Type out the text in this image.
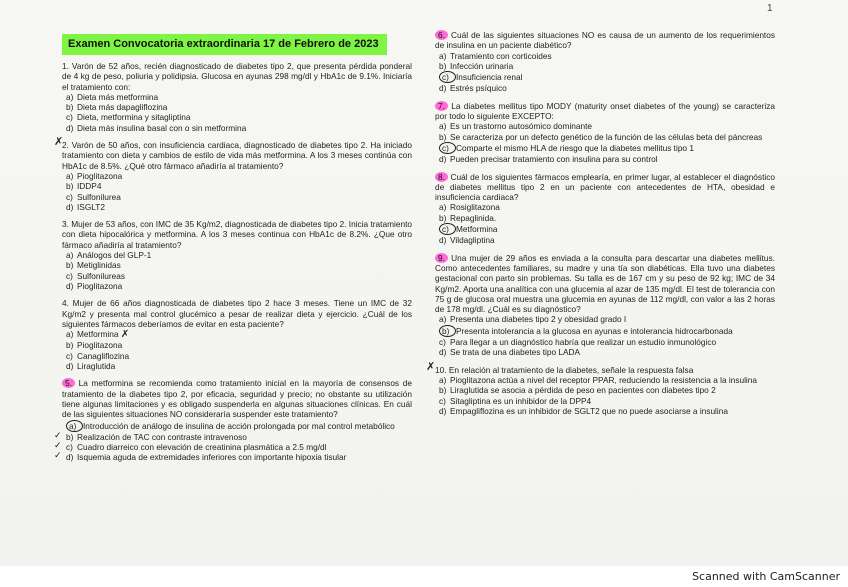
1
Examen Convocatoria extraordinaria 17 de Febrero de 2023
1. Varón de 52 años, recién diagnosticado de diabetes tipo 2, que presenta pérdida ponderal de 4 kg de peso, poliuria y polidipsia. Glucosa en ayunas 298 mg/dl y HbA1c de 9.1%. Iniciaría el tratamiento con:
a) Dieta más metformina
b) Dieta más dapagliflozina
c) Dieta, metformina y sitagliptina
d) Dieta más insulina basal con o sin metformina
✗
2. Varón de 50 años, con insuficiencia cardiaca, diagnosticado de diabetes tipo 2. Ha iniciado tratamiento con dieta y cambios de estilo de vida más metformina. A los 3 meses continúa con HbA1c de 8.5%. ¿Qué otro fármaco añadiría al tratamiento?
a) Pioglitazona
b) IDDP4
c) Sulfonilurea
d) ISGLT2
3. Mujer de 53 años, con IMC de 35 Kg/m2, diagnosticada de diabetes tipo 2. Inicia tratamiento con dieta hipocalórica y metformina. A los 3 meses continua con HbA1c de 8.2%. ¿Que otro fármaco añadiría al tratamiento?
a) Análogos del GLP-1
b) Metiglinidas
c) Sulfonilureas
d) Pioglitazona
4. Mujer de 66 años diagnosticada de diabetes tipo 2 hace 3 meses. Tiene un IMC de 32 Kg/m2 y presenta mal control glucémico a pesar de realizar dieta y ejercicio. ¿Cuál de los siguientes fármacos deberíamos de evitar en esta paciente?
a) Metformina ✗
b) Pioglitazona
c) Canagliflozina
d) Liraglutida
5. La metformina se recomienda como tratamiento inicial en la mayoría de consensos de tratamiento de la diabetes tipo 2, por eficacia, seguridad y precio; no obstante su utilización tiene algunas limitaciones y es obligado suspenderla en algunas situaciones clínicas. En cuál de las siguientes situaciones NO consideraría suspender este tratamiento?
a) Introducción de análogo de insulina de acción prolongada por mal control metabólico
✓ b) Realización de TAC con contraste intravenoso
✓ c) Cuadro diarreico con elevación de creatinina plasmática a 2.5 mg/dl
✓ d) Isquemia aguda de extremidades inferiores con importante hipoxia tisular
6. Cuál de las siguientes situaciones NO es causa de un aumento de los requerimientos de insulina en un paciente diabético?
a) Tratamiento con corticoides
b) Infección urinaria
c) Insuficiencia renal
d) Estrés psíquico
7. La diabetes mellitus tipo MODY (maturity onset diabetes of the young) se caracteriza por todo lo siguiente EXCEPTO:
a) Es un trastorno autosómico dominante
b) Se caracteriza por un defecto genético de la función de las células beta del páncreas
c) Comparte el mismo HLA de riesgo que la diabetes mellitus tipo 1
d) Pueden precisar tratamiento con insulina para su control
8. Cuál de los siguientes fármacos emplearía, en primer lugar, al establecer el diagnóstico de diabetes mellitus tipo 2 en un paciente con antecedentes de HTA, obesidad e insuficiencia cardiaca?
a) Rosiglitazona
b) Repaglinida.
c) Metformina
d) Vildagliptina
9. Una mujer de 29 años es enviada a la consulta para descartar una diabetes mellitus. Como antecedentes familiares, su madre y una tía son diabéticas. Ella tuvo una diabetes gestacional con parto sin problemas. Su talla es de 167 cm y su peso de 92 kg; IMC de 34 Kg/m2. Aporta una analítica con una glucemia al azar de 135 mg/dl. El test de tolerancia con 75 g de glucosa oral muestra una glucemia en ayunas de 112 mg/dl, con valor a las 2 horas de 178 mg/dl. ¿Cuál es su diagnóstico?
a) Presenta una diabetes tipo 2 y obesidad grado I
b) Presenta intolerancia a la glucosa en ayunas e intolerancia hidrocarbonada
c) Para llegar a un diagnóstico habría que realizar un estudio inmunológico
d) Se trata de una diabetes tipo LADA
✗ 10. En relación al tratamiento de la diabetes, señale la respuesta falsa
a) Pioglitazona actúa a nivel del receptor PPAR, reduciendo la resistencia a la insulina
b) Liraglutida se asocia a pérdida de peso en pacientes con diabetes tipo 2
c) Sitagliptina es un inhibidor de la DPP4
d) Empagliflozina es un inhibidor de SGLT2 que no puede asociarse a insulina
Scanned with CamScanner
